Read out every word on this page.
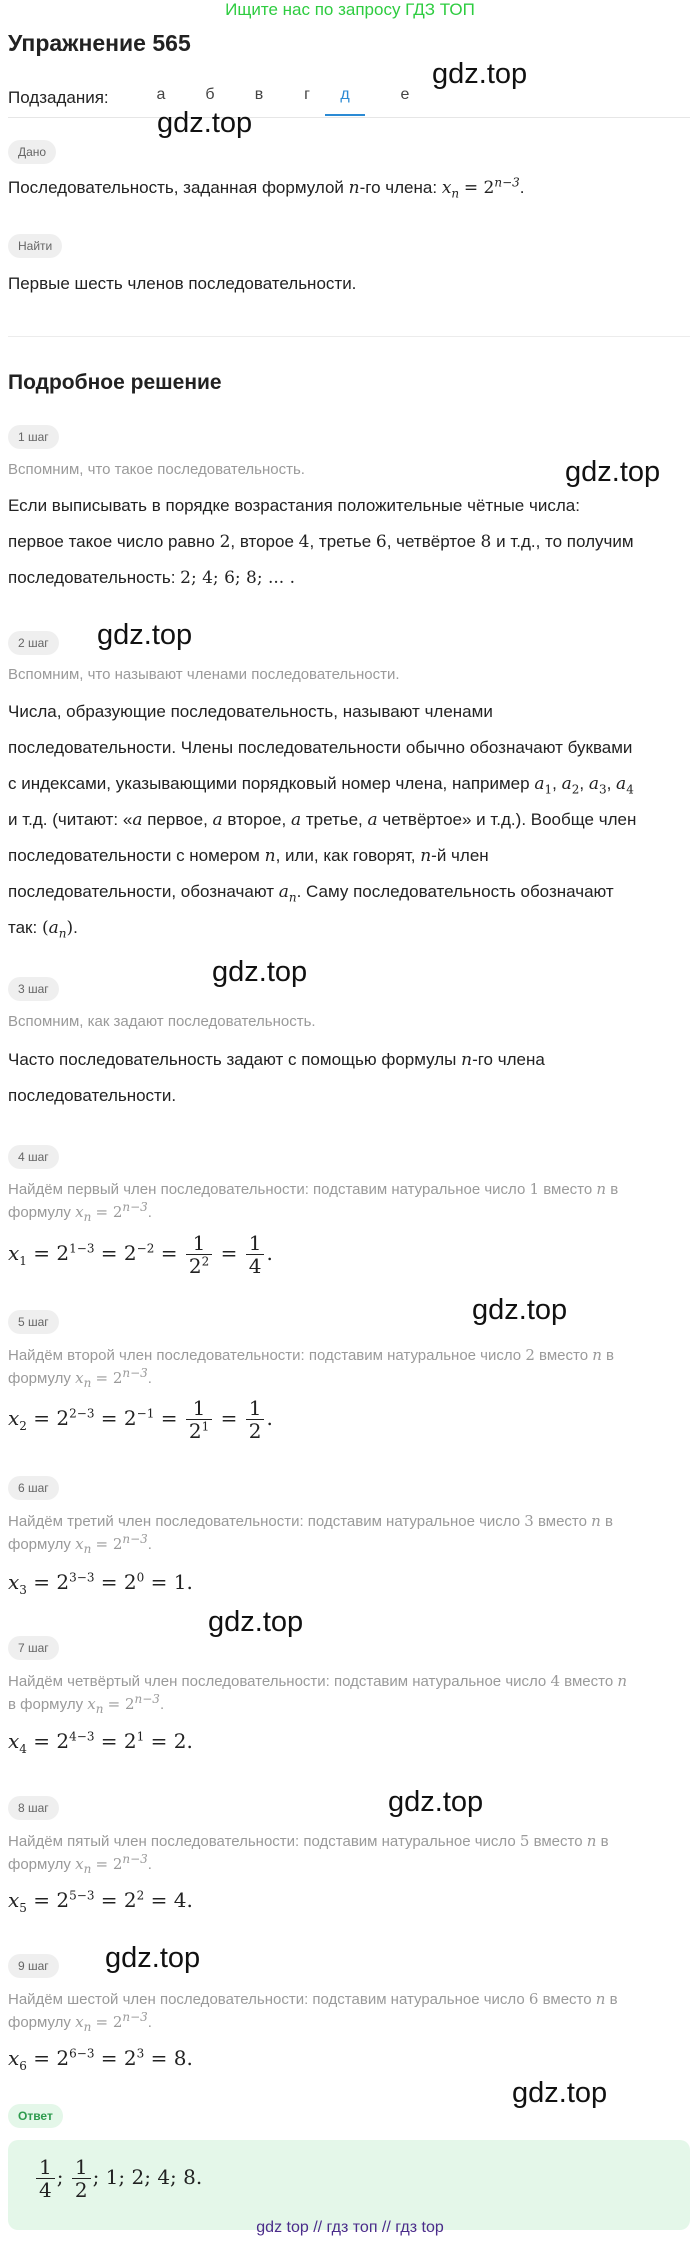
Ищите нас по запросу ГДЗ ТОП
Упражнение 565
Подзадания:	а	б	в	г	д	е
Дано
Последовательность, заданная формулой n-го члена: $x_n = 2^{n-3}$.
Найти
Первые шесть членов последовательности.
Подробное решение
1 шаг
Вспомним, что такое последовательность.
Если выписывать в порядке возрастания положительные чётные числа:
первое такое число равно 2, второе 4, третье 6, четвёртое 8 и т.д., то получим
последовательность: 2; 4; 6; 8; ... .
2 шаг
Вспомним, что называют членами последовательности.
Числа, образующие последовательность, называют членами
последовательности. Члены последовательности обычно обозначают буквами
с индексами, указывающими порядковый номер члена, например $a_1$, $a_2$, $a_3$, $a_4$
и т.д. (читают: «a первое, a второе, a третье, a четвёртое» и т.д.). Вообще член
последовательности с номером n, или, как говорят, n-й член
последовательности, обозначают $a_n$. Саму последовательность обозначают
так: $(a_n)$.
3 шаг
Вспомним, как задают последовательность.
Часто последовательность задают с помощью формулы n-го члена
последовательности.
4 шаг
Найдём первый член последовательности: подставим натуральное число 1 вместо n в
формулу $x_n = 2^{n-3}$.
$x_1 = 2^{1-3} = 2^{-2} = \frac{1}{2^2} = \frac{1}{4}$ .
5 шаг
Найдём второй член последовательности: подставим натуральное число 2 вместо n в
формулу $x_n = 2^{n-3}$.
$x_2 = 2^{2-3} = 2^{-1} = \frac{1}{2^1} = \frac{1}{2}$ .
6 шаг
Найдём третий член последовательности: подставим натуральное число 3 вместо n в
формулу $x_n = 2^{n-3}$.
$x_3 = 2^{3-3} = 2^0 = 1$.
7 шаг
Найдём четвёртый член последовательности: подставим натуральное число 4 вместо n
в формулу $x_n = 2^{n-3}$.
$x_4 = 2^{4-3} = 2^1 = 2$.
8 шаг
Найдём пятый член последовательности: подставим натуральное число 5 вместо n в
формулу $x_n = 2^{n-3}$.
$x_5 = 2^{5-3} = 2^2 = 4$.
9 шаг
Найдём шестой член последовательности: подставим натуральное число 6 вместо n в
формулу $x_n = 2^{n-3}$.
$x_6 = 2^{6-3} = 2^3 = 8$.
Ответ
$\frac{1}{4}$ ; $\frac{1}{2}$ ; 1; 2; 4; 8.
gdz top // гдз топ // гдз top
gdz.top
gdz.top
gdz.top
gdz.top
gdz.top
gdz.top
gdz.top
gdz.top
gdz.top
gdz.top
